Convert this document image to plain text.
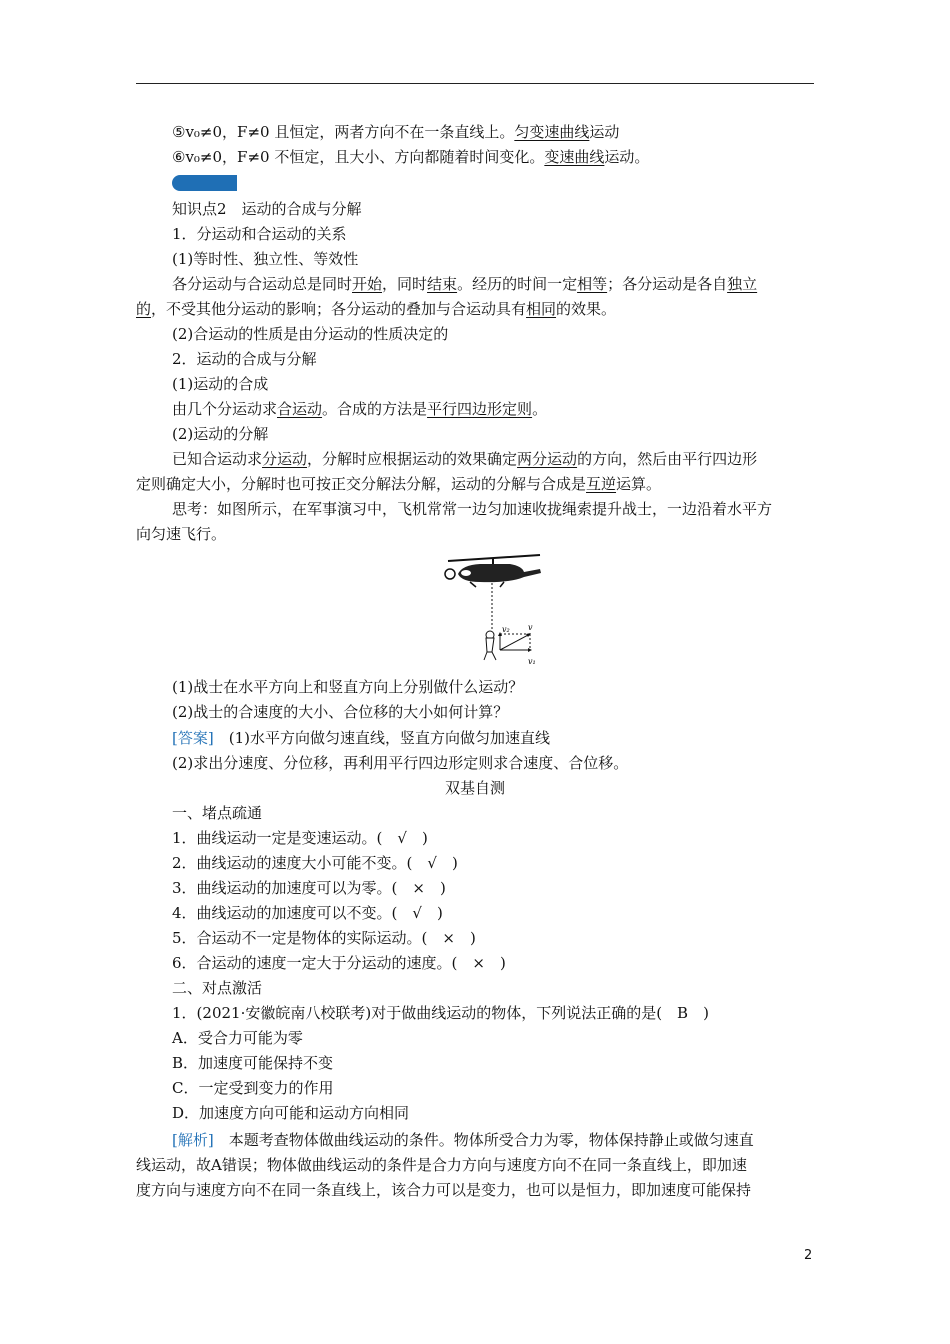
⑤v₀≠0，F≠0 且恒定，两者方向不在一条直线上。匀变速曲线运动
⑥v₀≠0，F≠0 不恒定，且大小、方向都随着时间变化。变速曲线运动。
知识点2　运动的合成与分解
1．分运动和合运动的关系
(1)等时性、独立性、等效性
各分运动与合运动总是同时开始，同时结束。经历的时间一定相等；各分运动是各自独立
的，不受其他分运动的影响；各分运动的叠加与合运动具有相同的效果。
(2)合运动的性质是由分运动的性质决定的
2．运动的合成与分解
(1)运动的合成
由几个分运动求合运动。合成的方法是平行四边形定则。
(2)运动的分解
已知合运动求分运动，分解时应根据运动的效果确定两分运动的方向，然后由平行四边形
定则确定大小，分解时也可按正交分解法分解，运动的分解与合成是互逆运算。
思考：如图所示，在军事演习中，飞机常常一边匀加速收拢绳索提升战士，一边沿着水平方
向匀速飞行。
v₂ v
v₁
(1)战士在水平方向上和竖直方向上分别做什么运动？
(2)战士的合速度的大小、合位移的大小如何计算？
[答案]　(1)水平方向做匀速直线，竖直方向做匀加速直线
(2)求出分速度、分位移，再利用平行四边形定则求合速度、合位移。
双基自测
一、堵点疏通
1．曲线运动一定是变速运动。(　√　)
2．曲线运动的速度大小可能不变。(　√　)
3．曲线运动的加速度可以为零。(　×　)
4．曲线运动的加速度可以不变。(　√　)
5．合运动不一定是物体的实际运动。(　×　)
6．合运动的速度一定大于分运动的速度。(　×　)
二、对点激活
1．(2021·安徽皖南八校联考)对于做曲线运动的物体，下列说法正确的是(　B　)
A．受合力可能为零
B．加速度可能保持不变
C．一定受到变力的作用
D．加速度方向可能和运动方向相同
[解析]　本题考查物体做曲线运动的条件。物体所受合力为零，物体保持静止或做匀速直
线运动，故A错误；物体做曲线运动的条件是合力方向与速度方向不在同一条直线上，即加速
度方向与速度方向不在同一条直线上，该合力可以是变力，也可以是恒力，即加速度可能保持
2
